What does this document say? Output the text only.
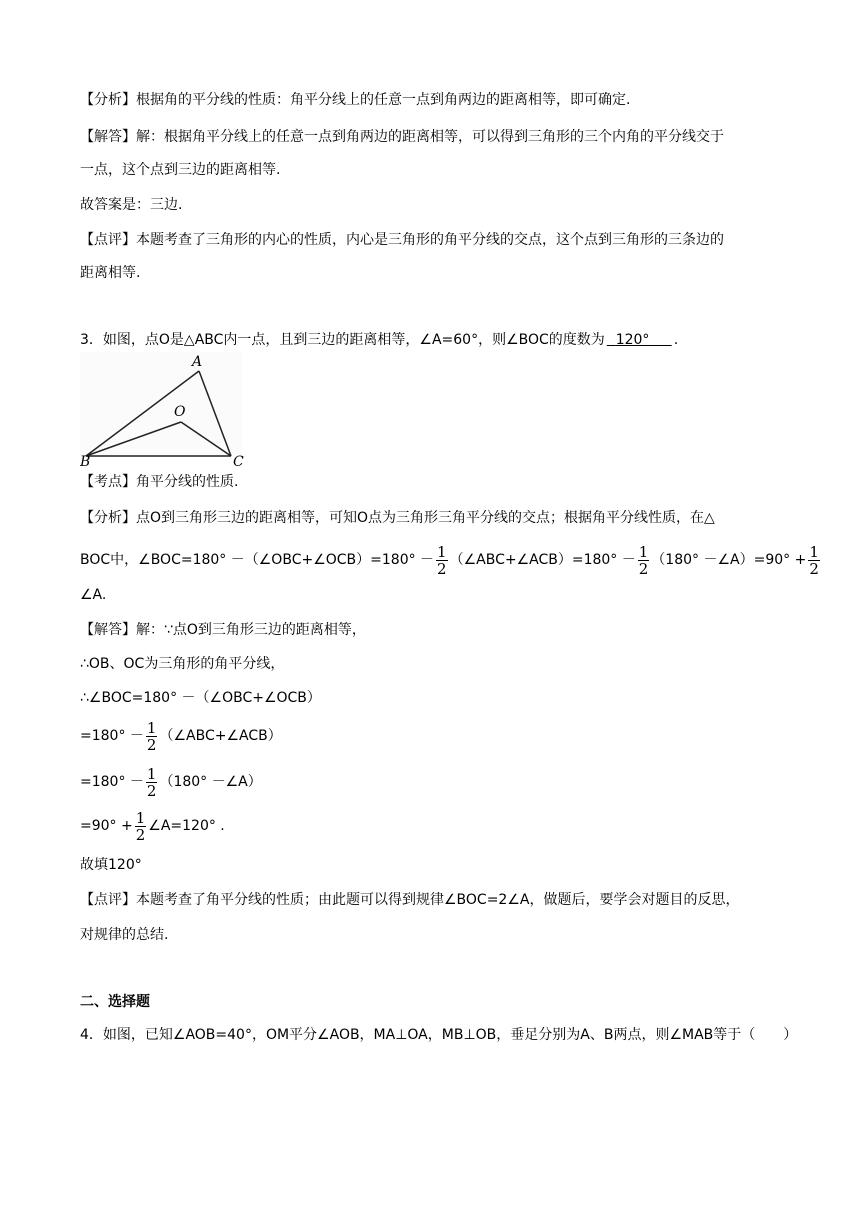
【分析】根据角的平分线的性质：角平分线上的任意一点到角两边的距离相等，即可确定.
【解答】解：根据角平分线上的任意一点到角两边的距离相等，可以得到三角形的三个内角的平分线交于
一点，这个点到三边的距离相等.
故答案是：三边.
【点评】本题考查了三角形的内心的性质，内心是三角形的角平分线的交点，这个点到三角形的三条边的
距离相等.
3．如图，点O是△ABC内一点，且到三边的距离相等，∠A=60°，则∠BOC的度数为 120° .
A
O
B	C
【考点】角平分线的性质.
【分析】点O到三角形三边的距离相等，可知O点为三角形三角平分线的交点；根据角平分线性质，在△
BOC中，∠BOC=180° －（∠OBC+∠OCB）=180° － $\frac{1}{2}$ （∠ABC+∠ACB）=180° － $\frac{1}{2} (180^\circ$ －∠A）=90° + $\frac{1}{2}$
∠A.
【解答】解：∵点O到三角形三边的距离相等，
∴OB、OC为三角形的角平分线，
∴∠BOC=180° －（∠OBC+∠OCB）
$=180^\circ - \frac{1}{2}$ （∠ABC+∠ACB）
$=180^\circ - \frac{1}{2} (180^\circ$ －∠A）
$=90^\circ + \frac{1}{2}$ ∠A=120° .
故填120°
【点评】本题考查了角平分线的性质；由此题可以得到规律∠BOC=2∠A，做题后，要学会对题目的反思，
对规律的总结.
二、选择题
4．如图，已知∠AOB=40°，OM平分∠AOB，MA⊥OA，MB⊥OB，垂足分别为A、B两点，则∠MAB等于（　　）
